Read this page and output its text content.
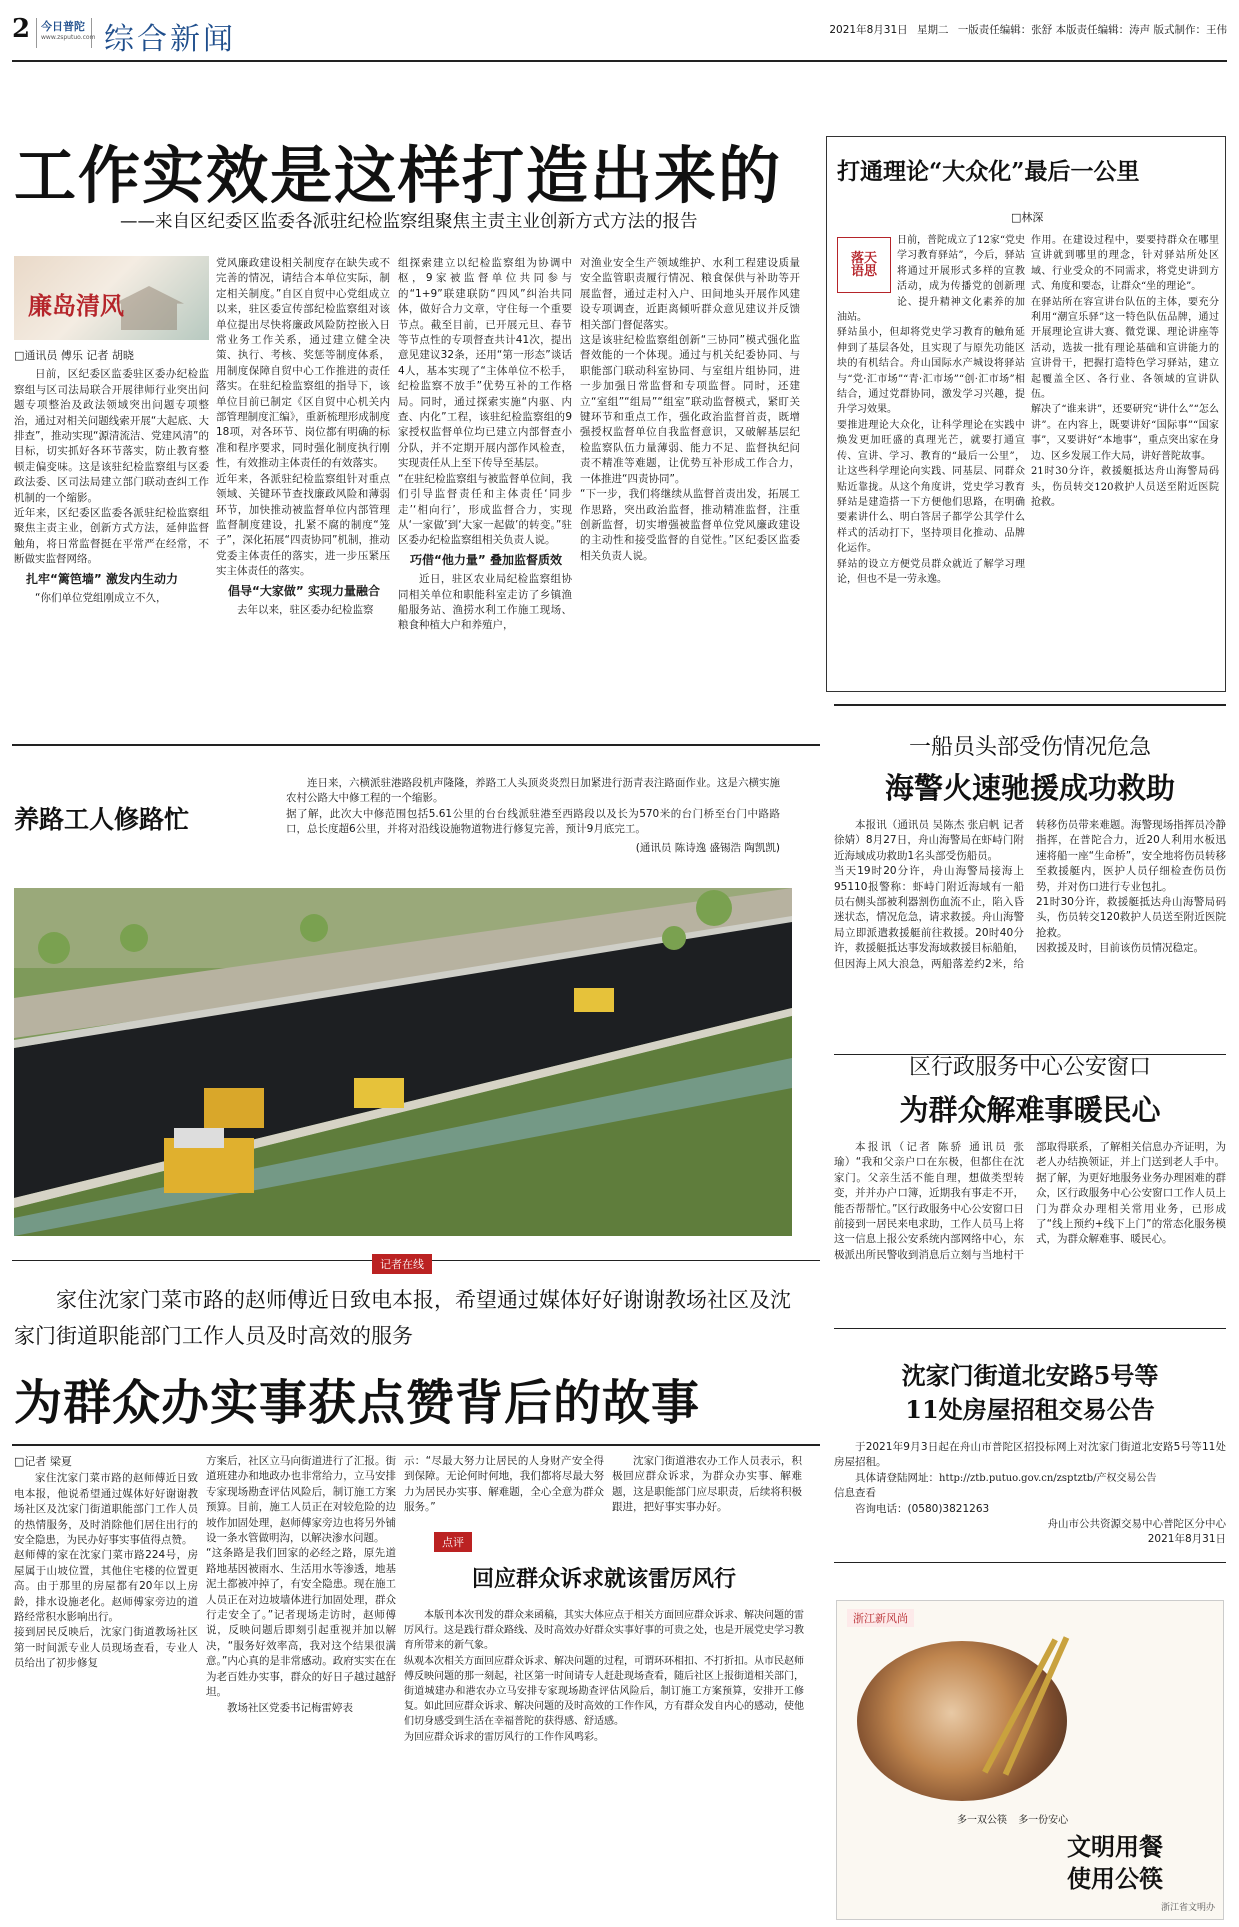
2 今日普陀
www.zsputuo.com 综合新闻	2021年8月31日 星期二 一版责任编辑：张舒 本版责任编辑：涛声 版式制作：王伟
工作实效是这样打造出来的
——来自区纪委区监委各派驻纪检监察组聚焦主责主业创新方式方法的报告
廉岛清风
□通讯员 傅乐 记者 胡晓

日前，区纪委区监委驻区委办纪检监察组与区司法局联合开展律师行业突出问题专项整治及政法领域突出问题专项整治，通过对相关问题线索开展“大起底、大排查”，推动实现“源清流洁、党建风清”的目标，切实抓好各环节落实，防止教育整顿走偏变味。这是该驻纪检监察组与区委政法委、区司法局建立部门联动查纠工作机制的一个缩影。
近年来，区纪委区监委各派驻纪检监察组聚焦主责主业，创新方式方法，延伸监督触角，将日常监督挺在平常严在经常，不断做实监督网络。

扎牢“篱笆墙” 激发内生动力

“你们单位党组刚成立不久，

党风廉政建设相关制度存在缺失或不完善的情况，请结合本单位实际，制定相关制度。”自区自贸中心党组成立以来，驻区委宣传部纪检监察组对该单位提出尽快将廉政风险防控嵌入日常业务工作关系，通过建立健全决策、执行、考核、奖惩等制度体系，用制度保障自贸中心工作推进的责任落实。在驻纪检监察组的指导下，该单位目前已制定《区自贸中心机关内部管理制度汇编》，重新梳理形成制度18项，对各环节、岗位都有明确的标准和程序要求，同时强化制度执行刚性，有效推动主体责任的有效落实。
近年来，各派驻纪检监察组针对重点领域、关键环节查找廉政风险和薄弱环节，加快推动被监督单位内部管理监督制度建设，扎紧不腐的制度“笼子”，深化拓展“四责协同”机制，推动党委主体责任的落实，进一步压紧压实主体责任的落实。

倡导“大家做” 实现力量融合

去年以来，驻区委办纪检监察

组探索建立以纪检监察组为协调中枢，9家被监督单位共同参与的“1+9”联建联防“四风”纠治共同体，做好合力文章，守住每一个重要节点。截至目前，已开展元旦、春节等节点性的专项督查共计41次，提出意见建议32条，还用“第一形态”谈话4人，基本实现了“主体单位不松手，纪检监察不放手”优势互补的工作格局。同时，通过探索实施“内驱、内查、内化”工程，该驻纪检监察组的9家授权监督单位均已建立内部督查小分队，并不定期开展内部作风检查，实现责任从上至下传导至基层。
“在驻纪检监察组与被监督单位间，我们引导监督责任和主体责任‘同步走’‘相向行’，形成监督合力，实现从‘一家做’到‘大家一起做’的转变。”驻区委办纪检监察组相关负责人说。

巧借“他力量” 叠加监督质效

近日，驻区农业局纪检监察组协同相关单位和职能科室走访了乡镇渔船服务站、渔捞水利工作施工现场、粮食种植大户和养殖户，

对渔业安全生产领域维护、水利工程建设质量安全监管职责履行情况、粮食保供与补助等开展监督，通过走村入户、田间地头开展作风建设专项调查，近距离倾听群众意见建议并反馈相关部门督促落实。
这是该驻纪检监察组创新“三协同”模式强化监督效能的一个体现。通过与机关纪委协同、与职能部门联动科室协同、与室组片组协同，进一步加强日常监督和专项监督。同时，还建立“室组”“组局”“组室”联动监督模式，紧盯关键环节和重点工作，强化政治监督首责，既增强授权监督单位自我监督意识，又破解基层纪检监察队伍力量薄弱、能力不足、监督执纪问责不精准等难题，让优势互补形成工作合力，一体推进“四责协同”。
“下一步，我们将继续从监督首责出发，拓展工作思路，突出政治监督，推动精准监督，注重创新监督，切实增强被监督单位党风廉政建设的主动性和接受监督的自觉性。”区纪委区监委相关负责人说。

打通理论“大众化”最后一公里
□林深
落天语思

日前，普陀成立了12家“党史学习教育驿站”，今后，驿站将通过开展形式多样的宣教活动，成为传播党的创新理论、提升精神文化素养的加油站。
驿站虽小，但却将党史学习教育的触角延伸到了基层各处，且实现了与原先功能区块的有机结合。舟山国际水产城设将驿站与“党·汇市场”“青·汇市场”“创·汇市场”相结合，通过党群协同，激发学习兴趣，提升学习效果。
要推进理论大众化，让科学理论在实践中焕发更加旺盛的真理光芒，就要打通宣传、宣讲、学习、教育的“最后一公里”，让这些科学理论向实践、同基层、同群众贴近靠拢。从这个角度讲，党史学习教育驿站是建造搭一下方便他们思路，在明确要素讲什么、明白答居子都学公其学什么样式的活动打下，坚持项目化推动、品牌化运作。
驿站的设立方便党员群众就近了解学习理论，但也不是一劳永逸。

作用。在建设过程中，要要持群众在哪里宣讲就到哪里的理念，针对驿站所处区域、行业受众的不同需求，将党史讲到方式、角度和要态，让群众“坐的理论”。
在驿站所在容宣讲台队伍的主体，要充分利用“潮宣乐驿”这一特色队伍品牌，通过开展理论宣讲大赛、微党课、理论讲座等活动，选拔一批有理论基础和宣讲能力的宣讲骨干，把握打造特色学习驿站，建立起覆盖全区、各行业、各领域的宣讲队伍。
解决了“谁来讲”，还要研究“讲什么”“怎么讲”。在内容上，既要讲好“国际事”“国家事”，又要讲好“本地事”，重点突出家在身边、区乡发展工作大局，讲好普陀故事。
21时30分许，救援艇抵达舟山海警局码头，伤员转交120救护人员送至附近医院抢救。

养路工人修路忙

连日来，六横派驻港路段机声隆隆，养路工人头顶炎炎烈日加紧进行沥青表注路面作业。这是六横实施农村公路大中修工程的一个缩影。
据了解，此次大中修范围包括5.61公里的台台线派驻港至西路段以及长为570米的台门桥至台门中路路口，总长度超6公里，并将对沿线设施物道物进行修复完善，预计9月底完工。

(通讯员 陈诗逸 盛锡浩 陶凯凯)
一船员头部受伤情况危急
海警火速驰援成功救助

本报讯（通讯员 吴陈杰 张启帆 记者 徐婧）8月27日，舟山海警局在虾峙门附近海域成功救助1名头部受伤船员。
当天19时20分许，舟山海警局接海上95110报警称：虾峙门附近海域有一船员右侧头部被利器割伤血流不止，陷入昏迷状态，情况危急，请求救援。舟山海警局立即派遣救援艇前往救援。20时40分许，救援艇抵达事发海域救援目标船舶，但因海上风大浪急，两船落差约2米，给转移伤员带来难题。海警现场指挥员冷静指挥，在普陀合力，近20人利用水板迅速将船一座“生命桥”，安全地将伤员转移至救援艇内，医护人员仔细检查伤员伤势，并对伤口进行专业包扎。
21时30分许，救援艇抵达舟山海警局码头，伤员转交120救护人员送至附近医院抢救。
因救援及时，目前该伤员情况稳定。

区行政服务中心公安窗口
为群众解难事暖民心

本报讯（记者 陈骄 通讯员 张瑜）“我和父亲户口在东极，但都住在沈家门。父亲生活不能自理，想做类型转变，并并办户口簿，近期我有事走不开，能否帮帮忙。”区行政服务中心公安窗口日前接到一居民来电求助，工作人员马上将这一信息上报公安系统内部网络中心，东极派出所民警收到消息后立刻与当地村干部取得联系，了解相关信息办齐证明，为老人办结换领证，并上门送到老人手中。
据了解，为更好地服务业务办理困难的群众，区行政服务中心公安窗口工作人员上门为群众办理相关常用业务，已形成了“线上预约+线下上门”的常态化服务模式，为群众解难事、暖民心。

沈家门街道北安路5号等
11处房屋招租交易公告

于2021年9月3日起在舟山市普陀区招投标网上对沈家门街道北安路5号等11处房屋招租。

具体请登陆网址：http://ztb.putuo.gov.cn/zsptztb/产权交易公告

信息查看

咨询电话：(0580)3821263

舟山市公共资源交易中心普陀区分中心
2021年8月31日
记者在线
家住沈家门菜市路的赵师傅近日致电本报，希望通过媒体好好谢谢教场社区及沈家门街道职能部门工作人员及时高效的服务
为群众办实事获点赞背后的故事
□记者 梁夏

家住沈家门菜市路的赵师傅近日致电本报，他说希望通过媒体好好谢谢教场社区及沈家门街道职能部门工作人员的热情服务，及时消除他们居住出行的安全隐患，为民办好事实事值得点赞。
赵师傅的家在沈家门菜市路224号，房屋属于山坡位置，其他住宅楼的位置更高。由于那里的房屋都有20年以上房龄，排水设施老化。赵师傅家旁边的道路经常积水影响出行。
接到居民反映后，沈家门街道教场社区第一时间派专业人员现场查看，专业人员给出了初步修复

方案后，社区立马向街道进行了汇报。街道班建办和地政办也非常给力，立马安排专家现场勘查评估风险后，制订施工方案预算。目前，施工人员正在对较危险的边坡作加固处理，赵师傅家旁边也将另外铺设一条水管做明沟，以解决渗水问题。
“这条路是我们回家的必经之路，原先道路地基因被雨水、生活用水等渗透，地基泥土都被冲掉了，有安全隐患。现在施工人员正在对边坡墙体进行加固处理，群众行走安全了。”记者现场走访时，赵师傅说，反映问题后即刻引起重视并加以解决，“服务好效率高，我对这个结果很满意。”内心真的是非常感动。政府实实在在为老百姓办实事，群众的好日子越过越舒坦。

教场社区党委书记梅雷婷表

示：“尽最大努力让居民的人身财产安全得到保障。无论何时何地，我们都将尽最大努力为居民办实事、解难题，全心全意为群众服务。”

沈家门街道港农办工作人员表示，积极回应群众诉求，为群众办实事、解难题，这是职能部门应尽职责，后续将积极跟进，把好事实事办好。

点评
回应群众诉求就该雷厉风行

本版刊本次刊发的群众来函稿，其实大体应点于相关方面回应群众诉求、解决问题的雷厉风行。这是践行群众路线、及时高效办好群众实事好事的可贵之处，也是开展党史学习教育所带来的新气象。
纵观本次相关方面回应群众诉求、解决问题的过程，可谓环环相扣、不打折扣。从市民赵师傅反映问题的那一刻起，社区第一时间请专人赶赴现场查看，随后社区上报街道相关部门，街道城建办和港农办立马安排专家现场勘查评估风险后，制订施工方案预算，安排开工修复。如此回应群众诉求、解决问题的及时高效的工作作风，方有群众发自内心的感动，使他们切身感受到生活在幸福普陀的获得感、舒适感。
为回应群众诉求的雷厉风行的工作作风鸣彩。

浙江新风尚
多一双公筷 多一份安心
文明用餐
使用公筷
浙江省文明办
